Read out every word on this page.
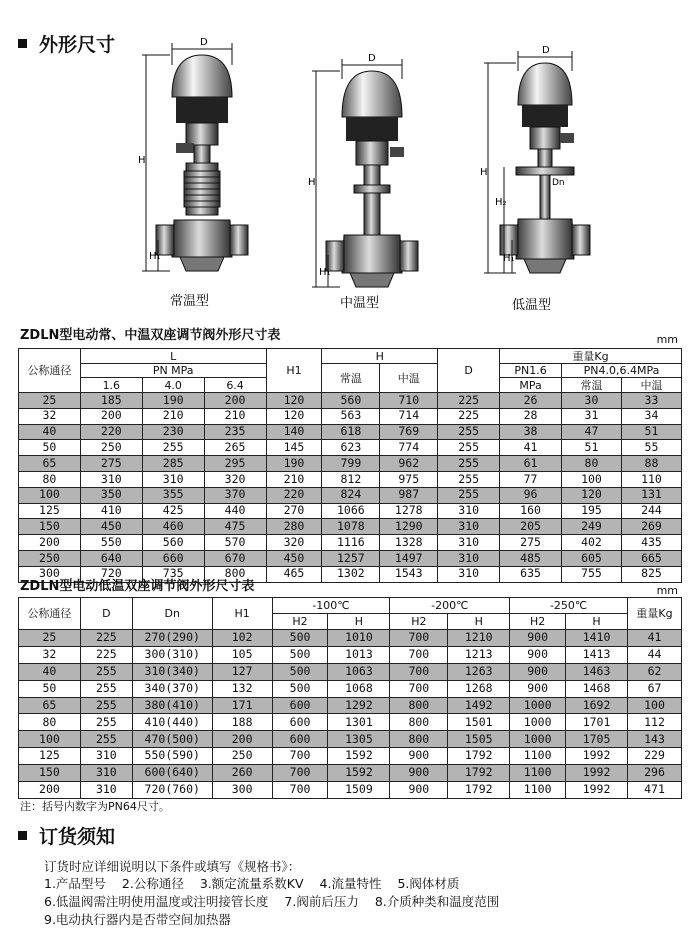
外形尺寸	D
H
H₁
常温型
D
H
H₁
中温型
D
Dn
H
H₂
H₁
低温型
ZDLN型电动常、中温双座调节阀外形尺寸表	mm
公称通径	L			H1	H		D	重量Kg		
	PN MPa				常温	中温		PN1.6	PN4.0,6.4MPa	
	1.6	4.0	6.4					MPa	常温	中温
25	185	190	200	120	560	710	225	26	30	33
32	200	210	210	120	563	714	225	28	31	34
40	220	230	235	140	618	769	255	38	47	51
50	250	255	265	145	623	774	255	41	51	55
65	275	285	295	190	799	962	255	61	80	88
80	310	310	320	210	812	975	255	77	100	110
100	350	355	370	220	824	987	255	96	120	131
125	410	425	440	270	1066	1278	310	160	195	244
150	450	460	475	280	1078	1290	310	205	249	269
200	550	560	570	320	1116	1328	310	275	402	435
250	640	660	670	450	1257	1497	310	485	605	665
300	720	735	800	465	1302	1543	310	635	755	825
ZDLN型电动低温双座调节阀外形尺寸表	mm
公称通径	D	Dn	H1	-100℃		-200℃		-250℃		重量Kg
				H2	H	H2	H	H2	H	
25	225	270(290)	102	500	1010	700	1210	900	1410	41
32	225	300(310)	105	500	1013	700	1213	900	1413	44
40	255	310(340)	127	500	1063	700	1263	900	1463	62
50	255	340(370)	132	500	1068	700	1268	900	1468	67
65	255	380(410)	171	600	1292	800	1492	1000	1692	100
80	255	410(440)	188	600	1301	800	1501	1000	1701	112
100	255	470(500)	200	600	1305	800	1505	1000	1705	143
125	310	550(590)	250	700	1592	900	1792	1100	1992	229
150	310	600(640)	260	700	1592	900	1792	1100	1992	296
200	310	720(760)	300	700	1509	900	1792	1100	1992	471
注：括号内数字为PN64尺寸。
订货须知
订货时应详细说明以下条件或填写《规格书》：
1.产品型号 2.公称通径 3.额定流量系数KV 4.流量特性 5.阀体材质
6.低温阀需注明使用温度或注明接管长度 7.阀前后压力 8.介质种类和温度范围
9.电动执行器内是否带空间加热器
